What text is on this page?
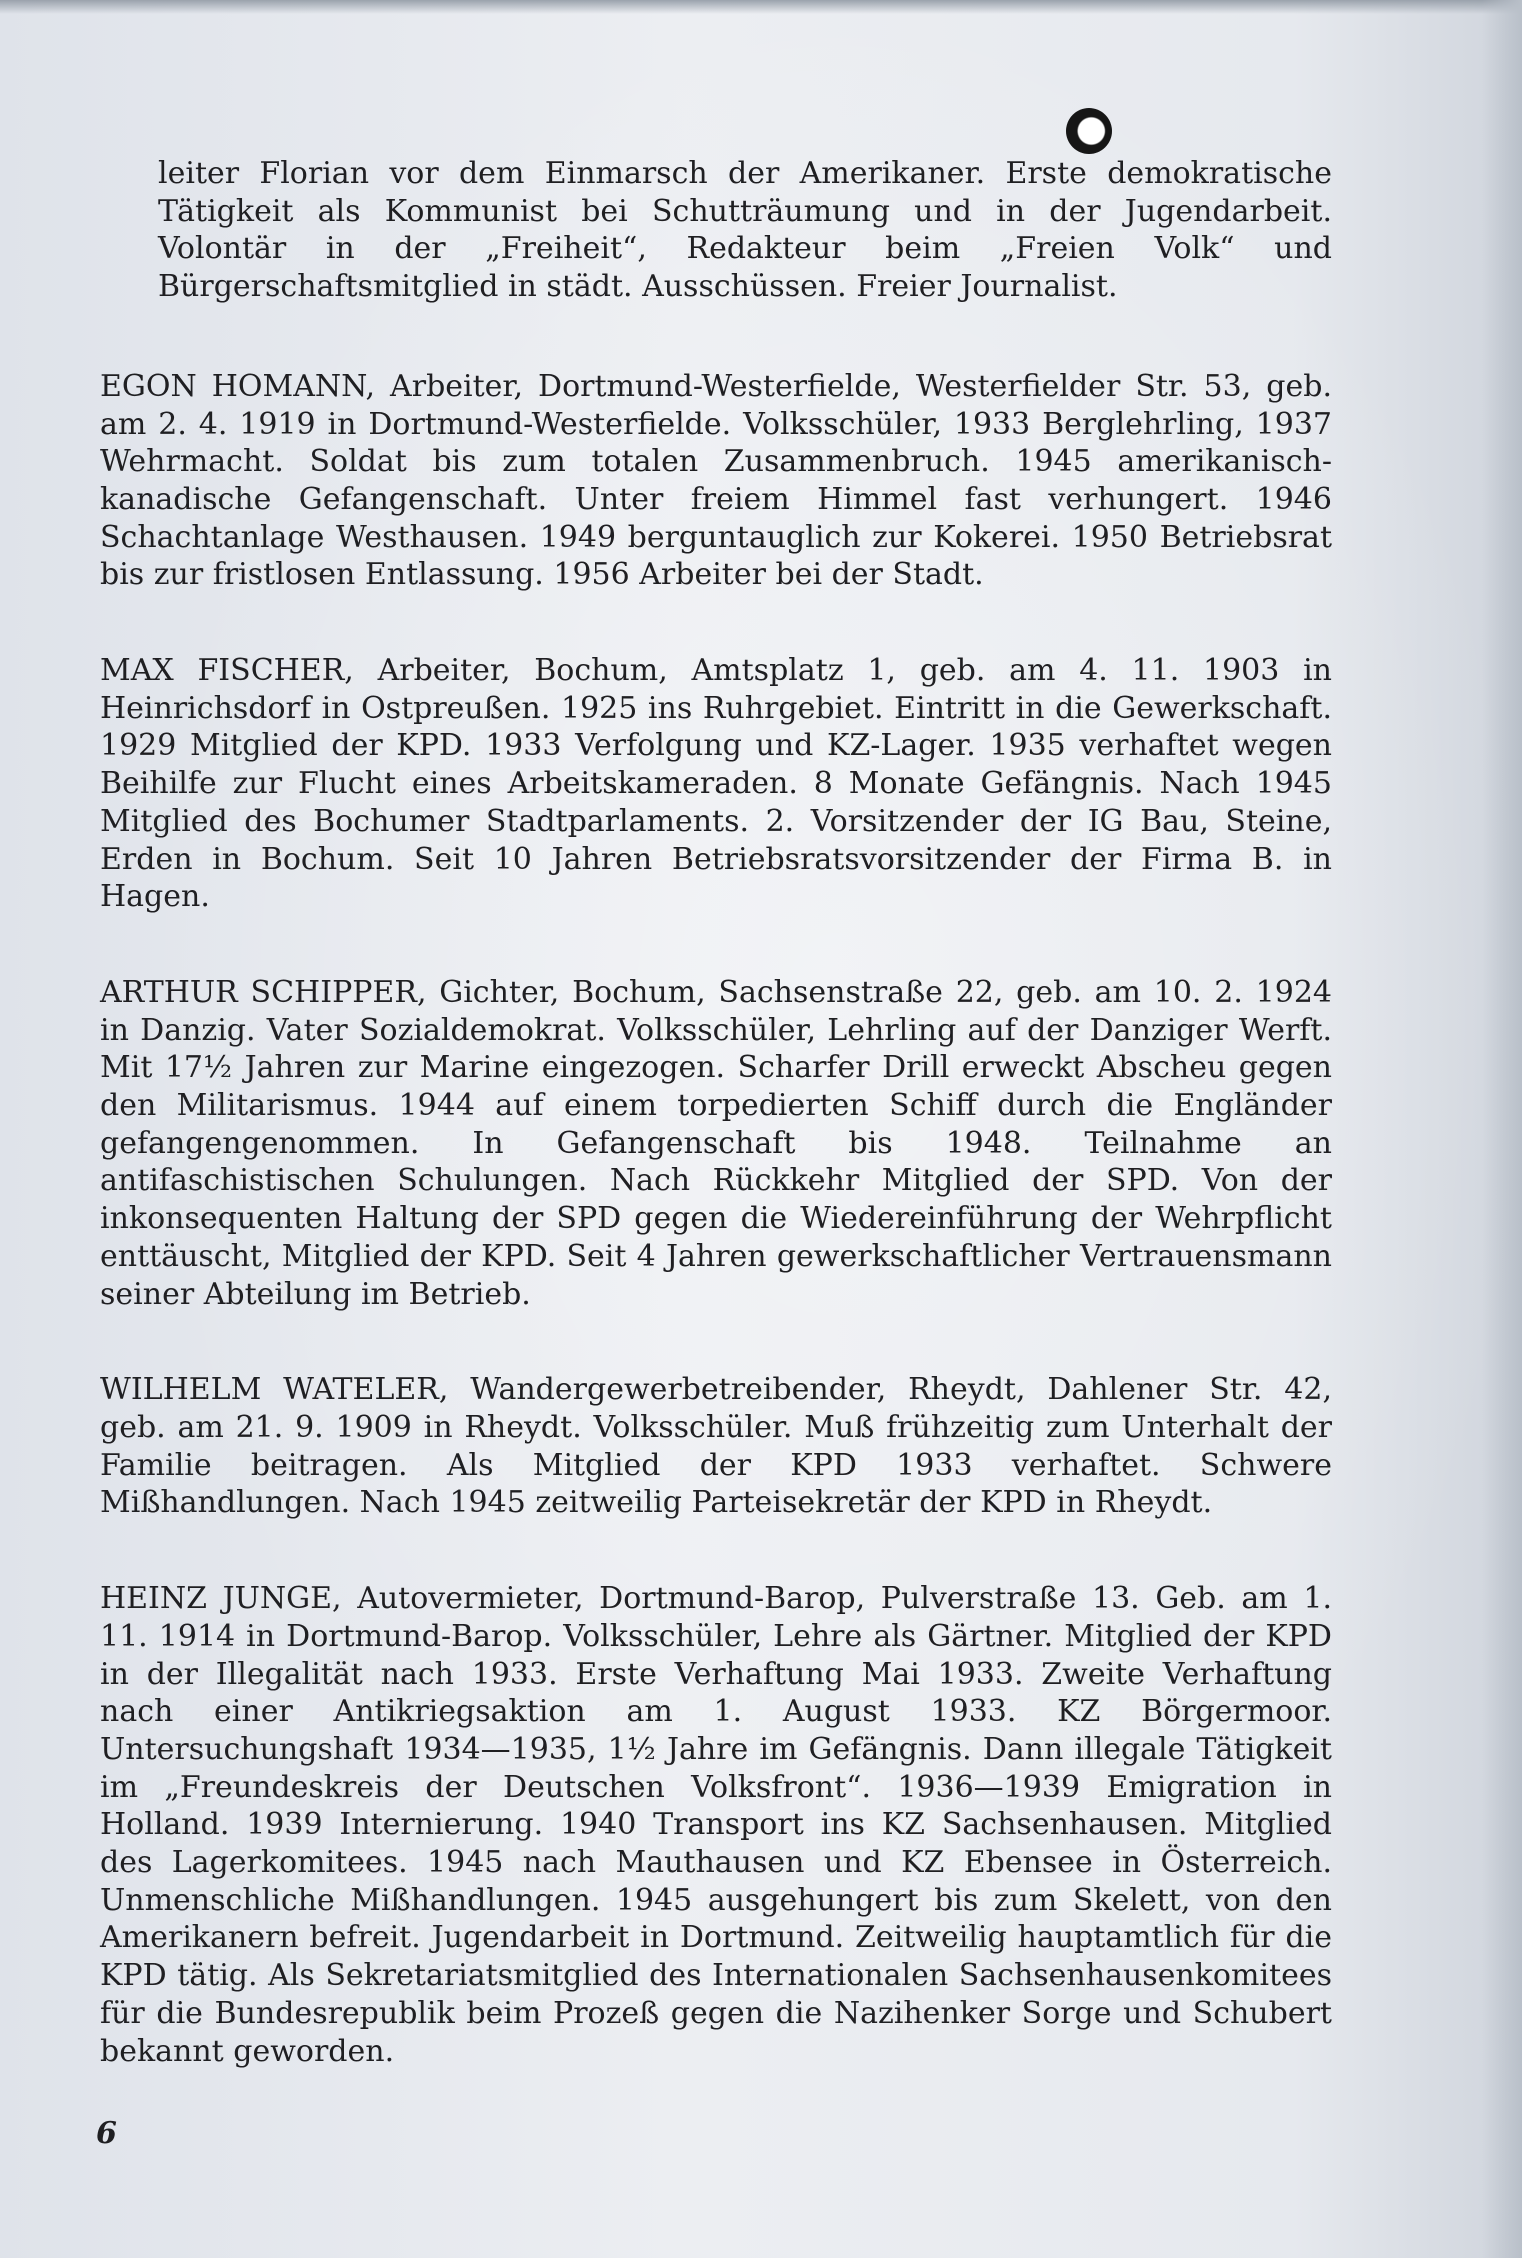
leiter Florian vor dem Einmarsch der Amerikaner. Erste demokratische Tätigkeit als Kommunist bei Schutträumung und in der Jugendarbeit. Volontär in der „Freiheit“, Redakteur beim „Freien Volk“ und Bürgerschaftsmitglied in städt. Ausschüssen. Freier Journalist.

EGON HOMANN, Arbeiter, Dortmund-Westerfielde, Westerfielder Str. 53, geb. am 2. 4. 1919 in Dortmund-Westerfielde. Volksschüler, 1933 Berglehrling, 1937 Wehrmacht. Soldat bis zum totalen Zusammenbruch. 1945 amerikanisch-kanadische Gefangenschaft. Unter freiem Himmel fast verhungert. 1946 Schachtanlage Westhausen. 1949 berguntauglich zur Kokerei. 1950 Betriebsrat bis zur fristlosen Entlassung. 1956 Arbeiter bei der Stadt.

MAX FISCHER, Arbeiter, Bochum, Amtsplatz 1, geb. am 4. 11. 1903 in Heinrichsdorf in Ostpreußen. 1925 ins Ruhrgebiet. Eintritt in die Gewerkschaft. 1929 Mitglied der KPD. 1933 Verfolgung und KZ-Lager. 1935 verhaftet wegen Beihilfe zur Flucht eines Arbeitskameraden. 8 Monate Gefängnis. Nach 1945 Mitglied des Bochumer Stadtparlaments. 2. Vorsitzender der IG Bau, Steine, Erden in Bochum. Seit 10 Jahren Betriebsratsvorsitzender der Firma B. in Hagen.

ARTHUR SCHIPPER, Gichter, Bochum, Sachsenstraße 22, geb. am 10. 2. 1924 in Danzig. Vater Sozialdemokrat. Volksschüler, Lehrling auf der Danziger Werft. Mit 17½ Jahren zur Marine eingezogen. Scharfer Drill erweckt Abscheu gegen den Militarismus. 1944 auf einem torpedierten Schiff durch die Engländer gefangengenommen. In Gefangenschaft bis 1948. Teilnahme an antifaschistischen Schulungen. Nach Rückkehr Mitglied der SPD. Von der inkonsequenten Haltung der SPD gegen die Wiedereinführung der Wehrpflicht enttäuscht, Mitglied der KPD. Seit 4 Jahren gewerkschaftlicher Vertrauensmann seiner Abteilung im Betrieb.

WILHELM WATELER, Wandergewerbetreibender, Rheydt, Dahlener Str. 42, geb. am 21. 9. 1909 in Rheydt. Volksschüler. Muß frühzeitig zum Unterhalt der Familie beitragen. Als Mitglied der KPD 1933 verhaftet. Schwere Mißhandlungen. Nach 1945 zeitweilig Parteisekretär der KPD in Rheydt.

HEINZ JUNGE, Autovermieter, Dortmund-Barop, Pulverstraße 13. Geb. am 1. 11. 1914 in Dortmund-Barop. Volksschüler, Lehre als Gärtner. Mitglied der KPD in der Illegalität nach 1933. Erste Verhaftung Mai 1933. Zweite Verhaftung nach einer Antikriegsaktion am 1. August 1933. KZ Börgermoor. Untersuchungshaft 1934—1935, 1½ Jahre im Gefängnis. Dann illegale Tätigkeit im „Freundeskreis der Deutschen Volksfront“. 1936—1939 Emigration in Holland. 1939 Internierung. 1940 Transport ins KZ Sachsenhausen. Mitglied des Lagerkomitees. 1945 nach Mauthausen und KZ Ebensee in Österreich. Unmenschliche Mißhandlungen. 1945 ausgehungert bis zum Skelett, von den Amerikanern befreit. Jugendarbeit in Dortmund. Zeitweilig hauptamtlich für die KPD tätig. Als Sekretariatsmitglied des Internationalen Sachsenhausenkomitees für die Bundesrepublik beim Prozeß gegen die Nazihenker Sorge und Schubert bekannt geworden.

6
